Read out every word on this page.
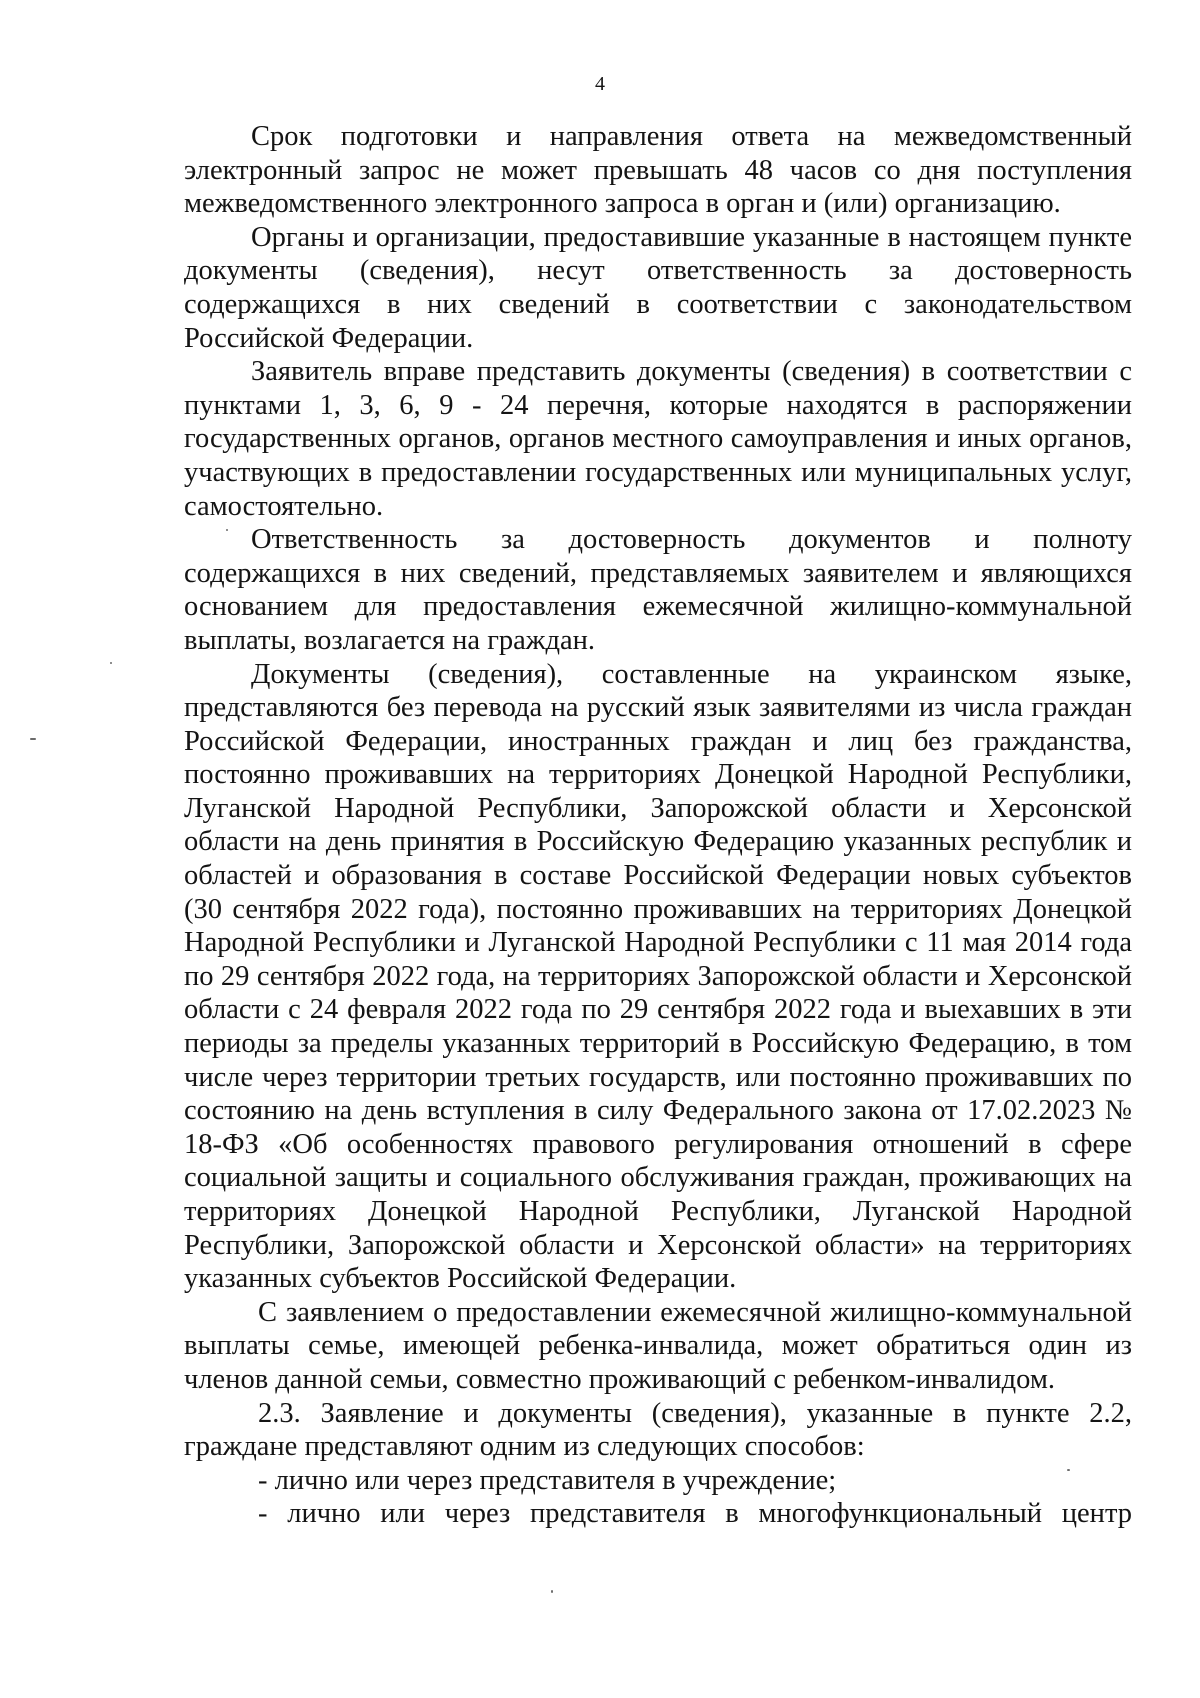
4

Срок подготовки и направления ответа на межведомственный электронный запрос не может превышать 48 часов со дня поступления межведомственного электронного запроса в орган и (или) организацию.

Органы и организации, предоставившие указанные в настоящем пункте документы (сведения), несут ответственность за достоверность содержащихся в них сведений в соответствии с законодательством Российской Федерации.

Заявитель вправе представить документы (сведения) в соответствии с пунктами 1, 3, 6, 9 - 24 перечня, которые находятся в распоряжении государственных органов, органов местного самоуправления и иных органов, участвующих в предоставлении государственных или муниципальных услуг, самостоятельно.

Ответственность за достоверность документов и полноту содержащихся в них сведений, представляемых заявителем и являющихся основанием для предоставления ежемесячной жилищно-коммунальной выплаты, возлагается на граждан.

Документы (сведения), составленные на украинском языке, представляются без перевода на русский язык заявителями из числа граждан Российской Федерации, иностранных граждан и лиц без гражданства, постоянно проживавших на территориях Донецкой Народной Республики, Луганской Народной Республики, Запорожской области и Херсонской области на день принятия в Российскую Федерацию указанных республик и областей и образования в составе Российской Федерации новых субъектов (30 сентября 2022 года), постоянно проживавших на территориях Донецкой Народной Республики и Луганской Народной Республики с 11 мая 2014 года по 29 сентября 2022 года, на территориях Запорожской области и Херсонской области с 24 февраля 2022 года по 29 сентября 2022 года и выехавших в эти периоды за пределы указанных территорий в Российскую Федерацию, в том числе через территории третьих государств, или постоянно проживавших по состоянию на день вступления в силу Федерального закона от 17.02.2023 № 18-ФЗ «Об особенностях правового регулирования отношений в сфере социальной защиты и социального обслуживания граждан, проживающих на территориях Донецкой Народной Республики, Луганской Народной Республики, Запорожской области и Херсонской области» на территориях указанных субъектов Российской Федерации.

С заявлением о предоставлении ежемесячной жилищно-коммунальной выплаты семье, имеющей ребенка-инвалида, может обратиться один из членов данной семьи, совместно проживающий с ребенком-инвалидом.

2.3. Заявление и документы (сведения), указанные в пункте 2.2, граждане представляют одним из следующих способов:

- лично или через представителя в учреждение;

- лично или через представителя в многофункциональный центр
